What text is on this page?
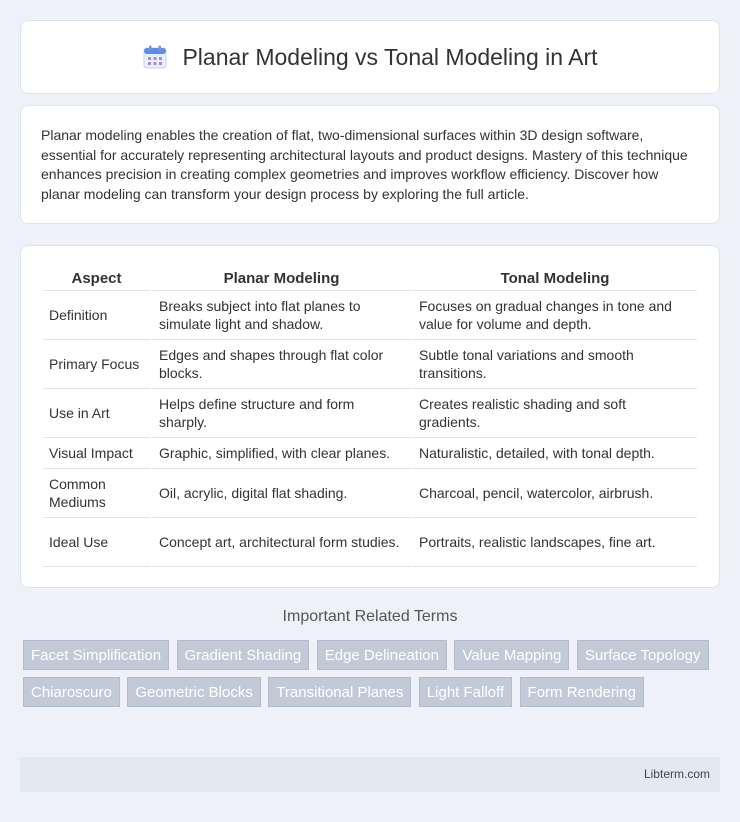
Planar Modeling vs Tonal Modeling in Art

Planar modeling enables the creation of flat, two-dimensional surfaces within 3D design software, essential for accurately representing architectural layouts and product designs. Mastery of this technique enhances precision in creating complex geometries and improves workflow efficiency. Discover how planar modeling can transform your design process by exploring the full article.

Aspect	Planar Modeling	Tonal Modeling
Definition	Breaks subject into flat planes to simulate light and shadow.	Focuses on gradual changes in tone and value for volume and depth.
Primary Focus	Edges and shapes through flat color blocks.	Subtle tonal variations and smooth transitions.
Use in Art	Helps define structure and form sharply.	Creates realistic shading and soft gradients.
Visual Impact	Graphic, simplified, with clear planes.	Naturalistic, detailed, with tonal depth.
Common Mediums	Oil, acrylic, digital flat shading.	Charcoal, pencil, watercolor, airbrush.
Ideal Use	Concept art, architectural form studies.	Portraits, realistic landscapes, fine art.
Important Related Terms
Facet Simplification Gradient Shading Edge Delineation Value Mapping Surface Topology Chiaroscuro Geometric Blocks Transitional Planes Light Falloff Form Rendering
Libterm.com
